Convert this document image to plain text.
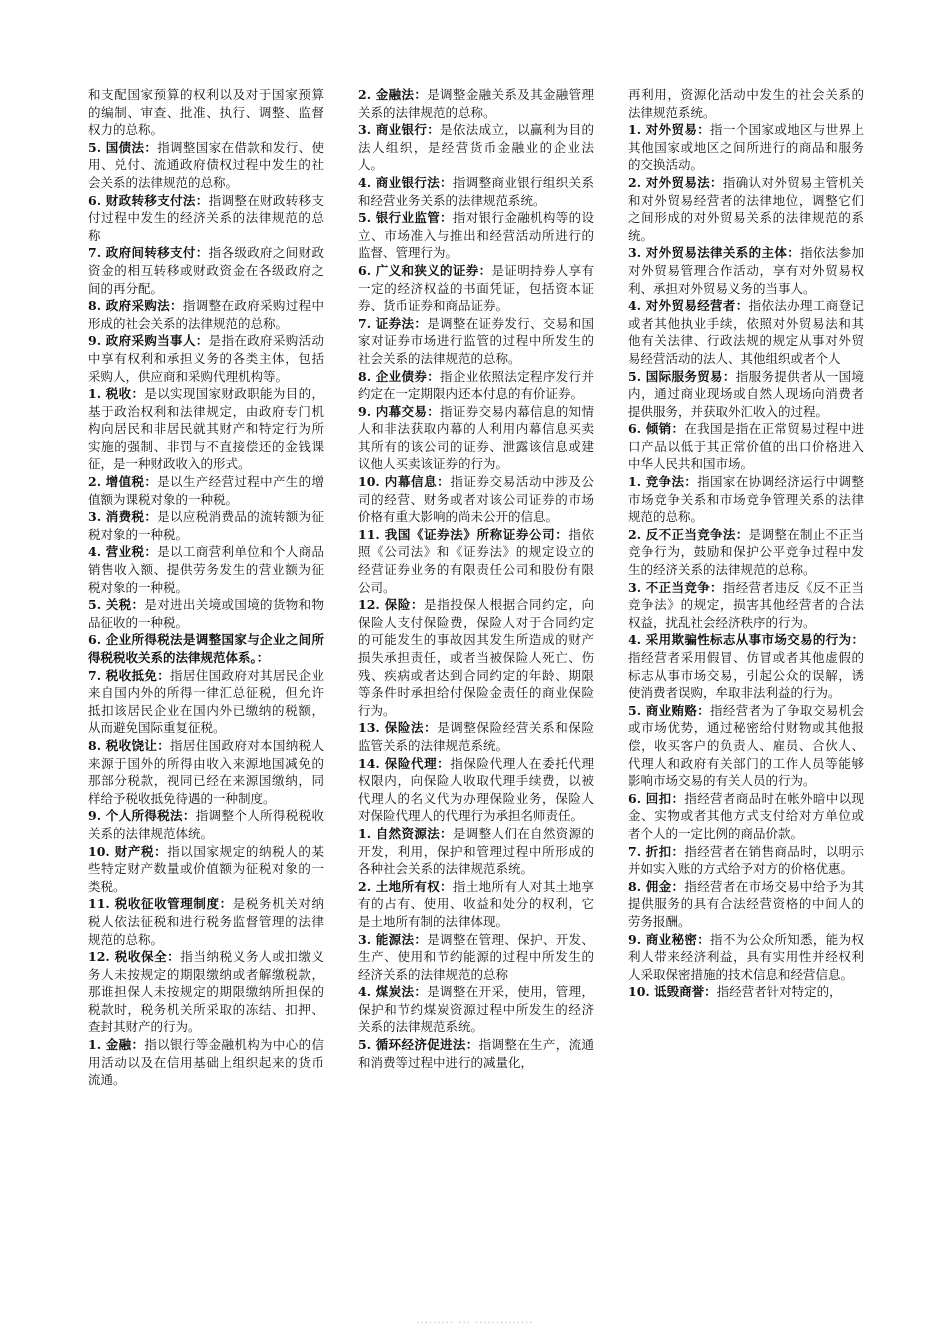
和支配国家预算的权利以及对于国家预算的编制、审查、批准、执行、调整、监督权力的总称。

5. 国债法：指调整国家在借款和发行、使用、兑付、流通政府债权过程中发生的社会关系的法律规范的总称。

6. 财政转移支付法：指调整在财政转移支付过程中发生的经济关系的法律规范的总称

7. 政府间转移支付：指各级政府之间财政资金的相互转移或财政资金在各级政府之间的再分配。

8. 政府采购法：指调整在政府采购过程中形成的社会关系的法律规范的总称。

9. 政府采购当事人：是指在政府采购活动中享有权利和承担义务的各类主体，包括采购人，供应商和采购代理机构等。

1. 税收：是以实现国家财政职能为目的，基于政治权利和法律规定，由政府专门机构向居民和非居民就其财产和特定行为所实施的强制、非罚与不直接偿还的金钱课征，是一种财政收入的形式。

2. 增值税：是以生产经营过程中产生的增值额为课税对象的一种税。

3. 消费税：是以应税消费品的流转额为征税对象的一种税。

4. 营业税：是以工商营利单位和个人商品销售收入额、提供劳务发生的营业额为征税对象的一种税。

5. 关税：是对进出关境或国境的货物和物品征收的一种税。

6. 企业所得税法是调整国家与企业之间所得税税收关系的法律规范体系。：

7. 税收抵免：指居住国政府对其居民企业来自国内外的所得一律汇总征税，但允许抵扣该居民企业在国内外已缴纳的税额，从而避免国际重复征税。

8. 税收饶让：指居住国政府对本国纳税人来源于国外的所得由收入来源地国减免的那部分税款，视同已经在来源国缴纳，同样给予税收抵免待遇的一种制度。

9. 个人所得税法：指调整个人所得税税收关系的法律规范体统。

10. 财产税：指以国家规定的纳税人的某些特定财产数量或价值额为征税对象的一类税。

11. 税收征收管理制度：是税务机关对纳税人依法征税和进行税务监督管理的法律规范的总称。

12. 税收保全：指当纳税义务人或扣缴义务人未按规定的期限缴纳或者解缴税款，那谁担保人未按规定的期限缴纳所担保的税款时，税务机关所采取的冻结、扣押、查封其财产的行为。

1. 金融：指以银行等金融机构为中心的信用活动以及在信用基础上组织起来的货币流通。

2. 金融法：是调整金融关系及其金融管理关系的法律规范的总称。

3. 商业银行：是依法成立，以赢利为目的法人组织，是经营货币金融业的企业法人。

4. 商业银行法：指调整商业银行组织关系和经营业务关系的法律规范系统。

5. 银行业监管：指对银行金融机构等的设立、市场准入与推出和经营活动所进行的监督、管理行为。

6. 广义和狭义的证券：是证明持券人享有一定的经济权益的书面凭证，包括资本证券、货币证券和商品证券。

7. 证券法：是调整在证券发行、交易和国家对证券市场进行监管的过程中所发生的社会关系的法律规范的总称。

8. 企业债券：指企业依照法定程序发行并约定在一定期限内还本付息的有价证券。

9. 内幕交易：指证券交易内幕信息的知情人和非法获取内幕的人利用内幕信息买卖其所有的该公司的证券、泄露该信息或建议他人买卖该证券的行为。

10. 内幕信息：指证券交易活动中涉及公司的经营、财务或者对该公司证券的市场价格有重大影响的尚未公开的信息。

11. 我国《证券法》所称证券公司：指依照《公司法》和《证券法》的规定设立的经营证券业务的有限责任公司和股份有限公司。

12. 保险：是指投保人根据合同约定，向保险人支付保险费，保险人对于合同约定的可能发生的事故因其发生所造成的财产损失承担责任，或者当被保险人死亡、伤残、疾病或者达到合同约定的年龄、期限等条件时承担给付保险金责任的商业保险行为。

13. 保险法：是调整保险经营关系和保险监管关系的法律规范系统。

14. 保险代理：指保险代理人在委托代理权限内，向保险人收取代理手续费，以被代理人的名义代为办理保险业务，保险人对保险代理人的代理行为承担名师责任。

1. 自然资源法：是调整人们在自然资源的开发，利用，保护和管理过程中所形成的各种社会关系的法律规范系统。

2. 土地所有权：指土地所有人对其土地享有的占有、使用、收益和处分的权利，它是土地所有制的法律体现。

3. 能源法：是调整在管理、保护、开发、生产、使用和节约能源的过程中所发生的经济关系的法律规范的总称

4. 煤炭法：是调整在开采，使用，管理，保护和节约煤炭资源过程中所发生的经济关系的法律规范系统。

5. 循环经济促进法：指调整在生产，流通和消费等过程中进行的减量化，

再利用，资源化活动中发生的社会关系的法律规范系统。

1. 对外贸易：指一个国家或地区与世界上其他国家或地区之间所进行的商品和服务的交换活动。

2. 对外贸易法：指确认对外贸易主管机关和对外贸易经营者的法律地位，调整它们之间形成的对外贸易关系的法律规范的系统。

3. 对外贸易法律关系的主体：指依法参加对外贸易管理合作活动，享有对外贸易权利、承担对外贸易义务的当事人。

4. 对外贸易经营者：指依法办理工商登记或者其他执业手续，依照对外贸易法和其他有关法律、行政法规的规定从事对外贸易经营活动的法人、其他组织或者个人

5. 国际服务贸易：指服务提供者从一国境内，通过商业现场或自然人现场向消费者提供服务，并获取外汇收入的过程。

6. 倾销：在我国是指在正常贸易过程中进口产品以低于其正常价值的出口价格进入中华人民共和国市场。

1. 竞争法：指国家在协调经济运行中调整市场竞争关系和市场竞争管理关系的法律规范的总称。

2. 反不正当竞争法：是调整在制止不正当竞争行为，鼓励和保护公平竞争过程中发生的经济关系的法律规范的总称。

3. 不正当竞争：指经营者违反《反不正当竞争法》的规定，损害其他经营者的合法权益，扰乱社会经济秩序的行为。

4. 采用欺骗性标志从事市场交易的行为：指经营者采用假冒、仿冒或者其他虚假的标志从事市场交易，引起公众的误解，诱使消费者误购，牟取非法利益的行为。

5. 商业贿赂：指经营者为了争取交易机会或市场优势，通过秘密给付财物或其他报偿，收买客户的负责人、雇员、合伙人、代理人和政府有关部门的工作人员等能够影响市场交易的有关人员的行为。

6. 回扣：指经营者商品时在帐外暗中以现金、实物或者其他方式支付给对方单位或者个人的一定比例的商品价款。

7. 折扣：指经营者在销售商品时，以明示并如实入账的方式给予对方的价格优惠。

8. 佣金：指经营者在市场交易中给予为其提供服务的具有合法经营资格的中间人的劳务报酬。

9. 商业秘密：指不为公众所知悉，能为权利人带来经济利益，具有实用性并经权利人采取保密措施的技术信息和经营信息。

10. 诋毁商誉：指经营者针对特定的，

········· ··· ··············
